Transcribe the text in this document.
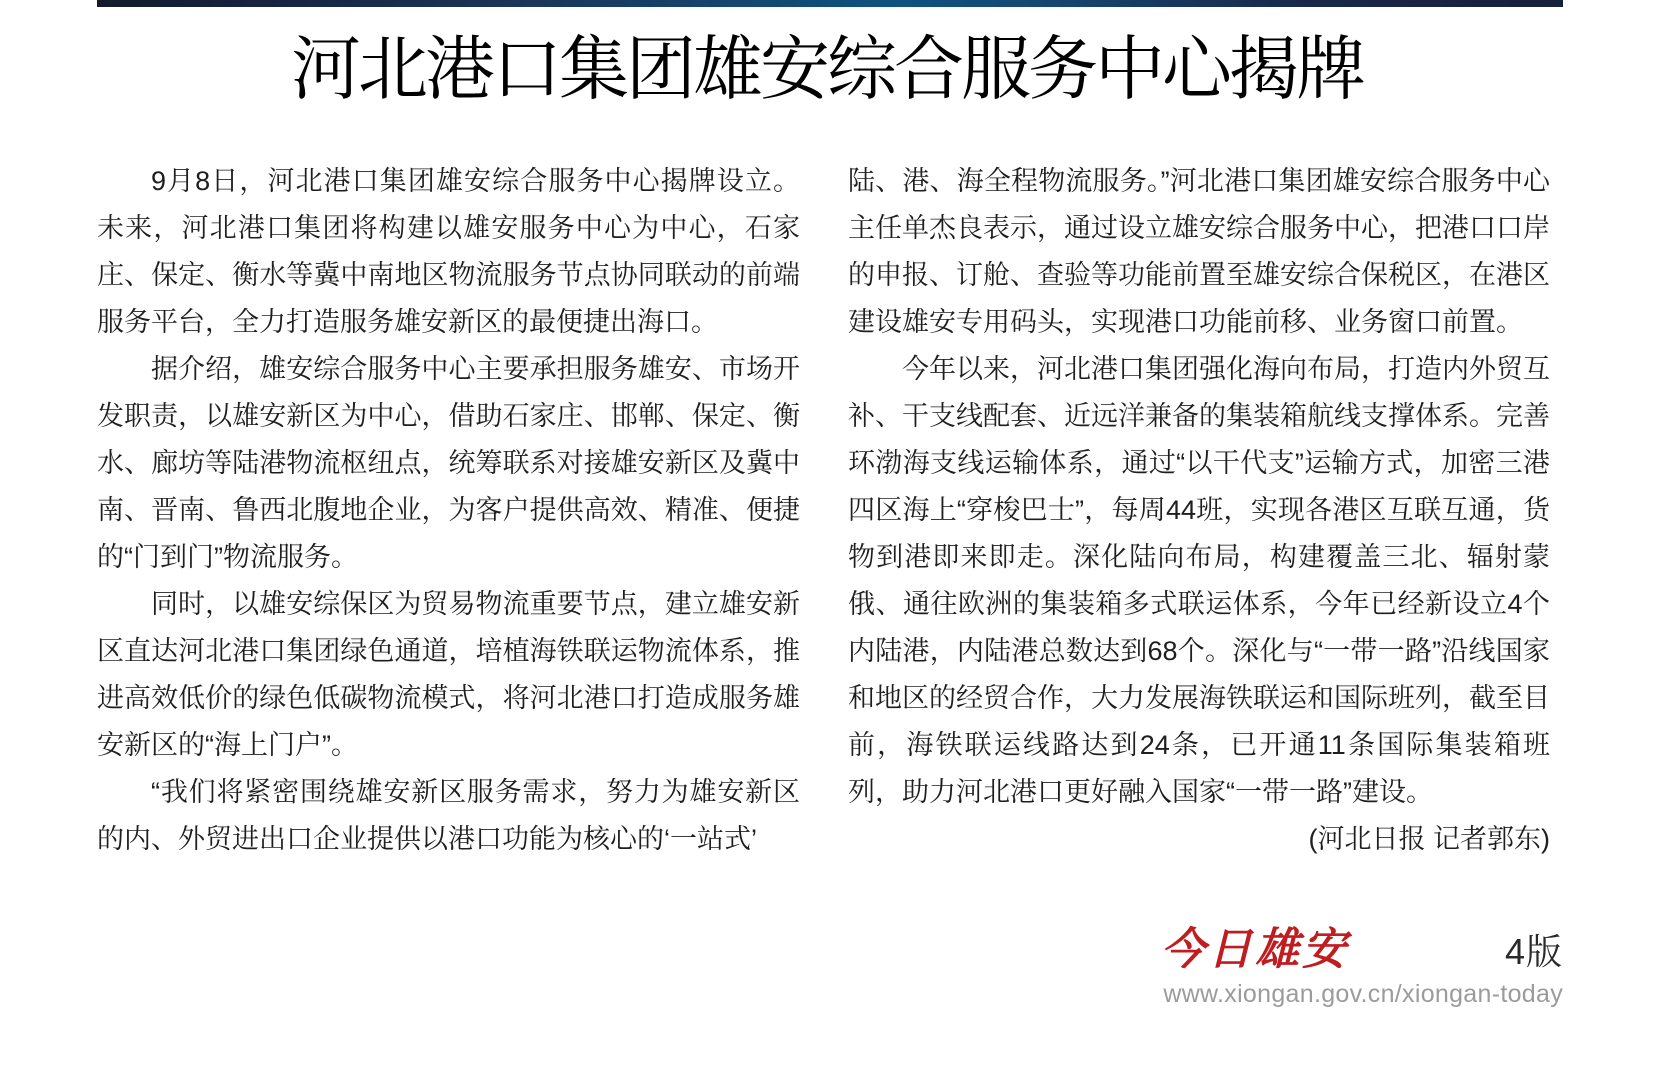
河北港口集团雄安综合服务中心揭牌

9月8日，河北港口集团雄安综合服务中心揭牌设立。未来，河北港口集团将构建以雄安服务中心为中心，石家庄、保定、衡水等冀中南地区物流服务节点协同联动的前端服务平台，全力打造服务雄安新区的最便捷出海口。

据介绍，雄安综合服务中心主要承担服务雄安、市场开发职责，以雄安新区为中心，借助石家庄、邯郸、保定、衡水、廊坊等陆港物流枢纽点，统筹联系对接雄安新区及冀中南、晋南、鲁西北腹地企业，为客户提供高效、精准、便捷的“门到门”物流服务。

同时，以雄安综保区为贸易物流重要节点，建立雄安新区直达河北港口集团绿色通道，培植海铁联运物流体系，推进高效低价的绿色低碳物流模式，将河北港口打造成服务雄安新区的“海上门户”。

“我们将紧密围绕雄安新区服务需求，努力为雄安新区的内、外贸进出口企业提供以港口功能为核心的‘一站式’

陆、港、海全程物流服务。”河北港口集团雄安综合服务中心主任单杰良表示，通过设立雄安综合服务中心，把港口口岸的申报、订舱、查验等功能前置至雄安综合保税区，在港区建设雄安专用码头，实现港口功能前移、业务窗口前置。

今年以来，河北港口集团强化海向布局，打造内外贸互补、干支线配套、近远洋兼备的集装箱航线支撑体系。完善环渤海支线运输体系，通过“以干代支”运输方式，加密三港四区海上“穿梭巴士”，每周44班，实现各港区互联互通，货物到港即来即走。深化陆向布局，构建覆盖三北、辐射蒙俄、通往欧洲的集装箱多式联运体系，今年已经新设立4个内陆港，内陆港总数达到68个。深化与“一带一路”沿线国家和地区的经贸合作，大力发展海铁联运和国际班列，截至目前，海铁联运线路达到24条，已开通11条国际集装箱班列，助力河北港口更好融入国家“一带一路”建设。

(河北日报 记者郭东)

今日雄安	4版
www.xiongan.gov.cn/xiongan-today
